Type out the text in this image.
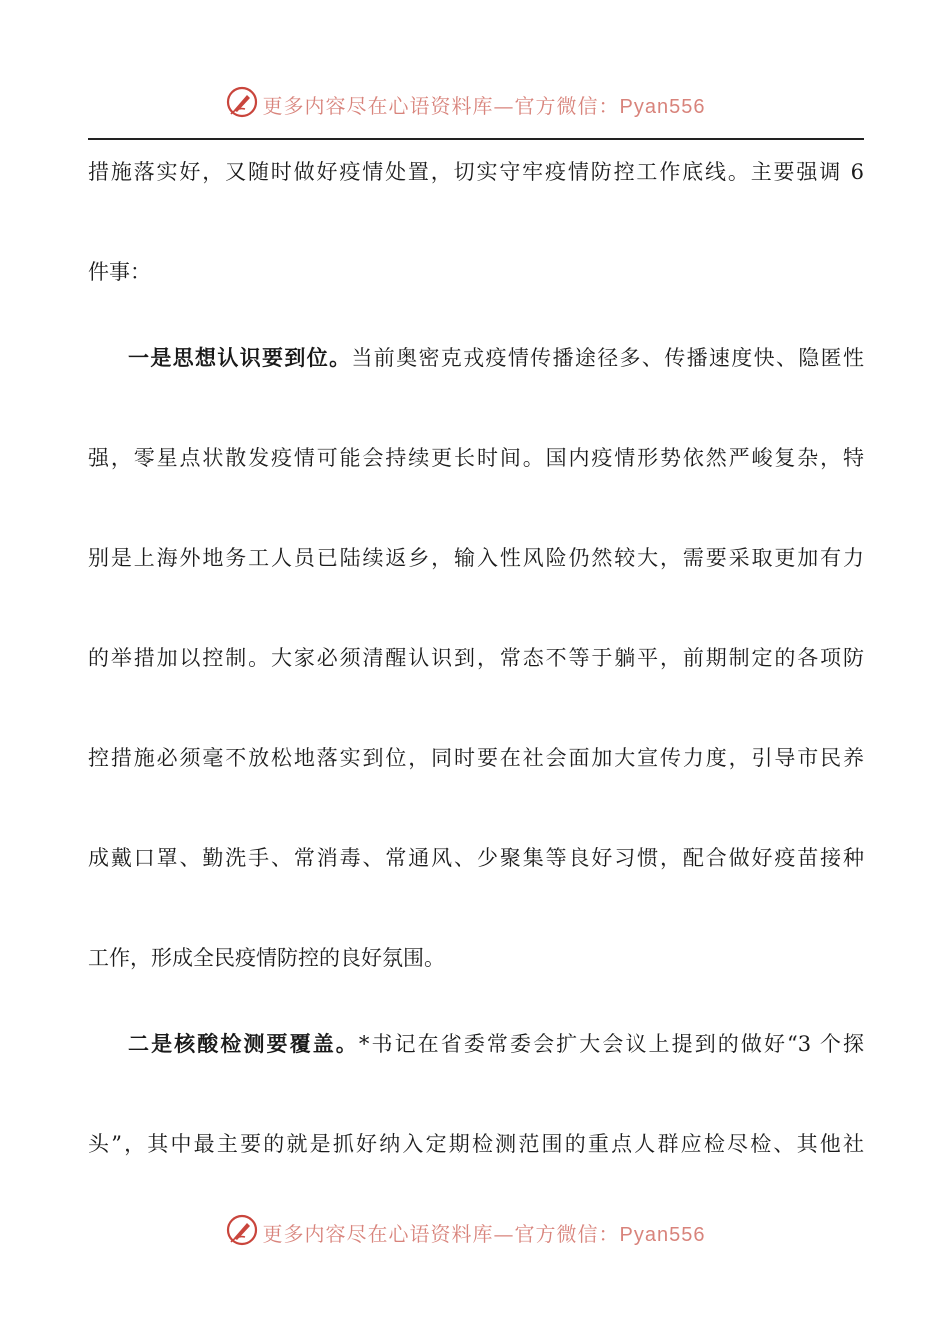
更多内容尽在心语资料库—官方微信：Pyan556
措施落实好，又随时做好疫情处置，切实守牢疫情防控工作底线。主要强调 6
件事：
一是思想认识要到位。当前奥密克戎疫情传播途径多、传播速度快、隐匿性
强，零星点状散发疫情可能会持续更长时间。国内疫情形势依然严峻复杂，特
别是上海外地务工人员已陆续返乡，输入性风险仍然较大，需要采取更加有力
的举措加以控制。大家必须清醒认识到，常态不等于躺平，前期制定的各项防
控措施必须毫不放松地落实到位，同时要在社会面加大宣传力度，引导市民养
成戴口罩、勤洗手、常消毒、常通风、少聚集等良好习惯，配合做好疫苗接种
工作，形成全民疫情防控的良好氛围。
二是核酸检测要覆盖。*书记在省委常委会扩大会议上提到的做好“3 个探
头”，其中最主要的就是抓好纳入定期检测范围的重点人群应检尽检、其他社
更多内容尽在心语资料库—官方微信：Pyan556
